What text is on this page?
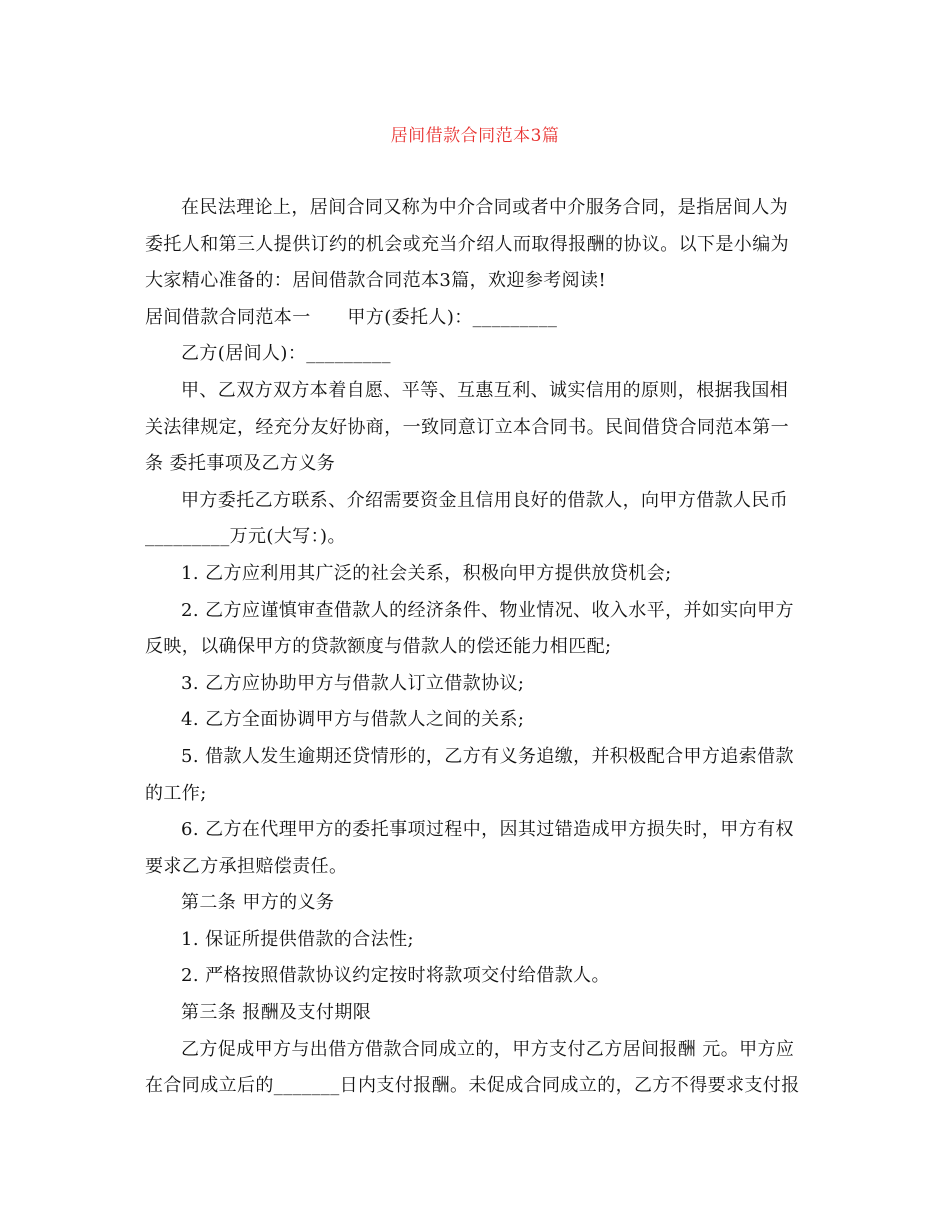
居间借款合同范本3篇

在民法理论上，居间合同又称为中介合同或者中介服务合同，是指居间人为委托人和第三人提供订约的机会或充当介绍人而取得报酬的协议。以下是小编为大家精心准备的：居间借款合同范本3篇，欢迎参考阅读!

居间借款合同范本一　　甲方(委托人)：_________

乙方(居间人)：_________

甲、乙双方双方本着自愿、平等、互惠互利、诚实信用的原则，根据我国相关法律规定，经充分友好协商，一致同意订立本合同书。民间借贷合同范本第一条 委托事项及乙方义务

甲方委托乙方联系、介绍需要资金且信用良好的借款人，向甲方借款人民币_________万元(大写：)。

1. 乙方应利用其广泛的社会关系，积极向甲方提供放贷机会;

2. 乙方应谨慎审查借款人的经济条件、物业情况、收入水平，并如实向甲方反映，以确保甲方的贷款额度与借款人的偿还能力相匹配;

3. 乙方应协助甲方与借款人订立借款协议;

4. 乙方全面协调甲方与借款人之间的关系;

5. 借款人发生逾期还贷情形的，乙方有义务追缴，并积极配合甲方追索借款的工作;

6. 乙方在代理甲方的委托事项过程中，因其过错造成甲方损失时，甲方有权要求乙方承担赔偿责任。

第二条 甲方的义务

1. 保证所提供借款的合法性;

2. 严格按照借款协议约定按时将款项交付给借款人。

第三条 报酬及支付期限

乙方促成甲方与出借方借款合同成立的，甲方支付乙方居间报酬 元。甲方应在合同成立后的_______日内支付报酬。未促成合同成立的，乙方不得要求支付报
